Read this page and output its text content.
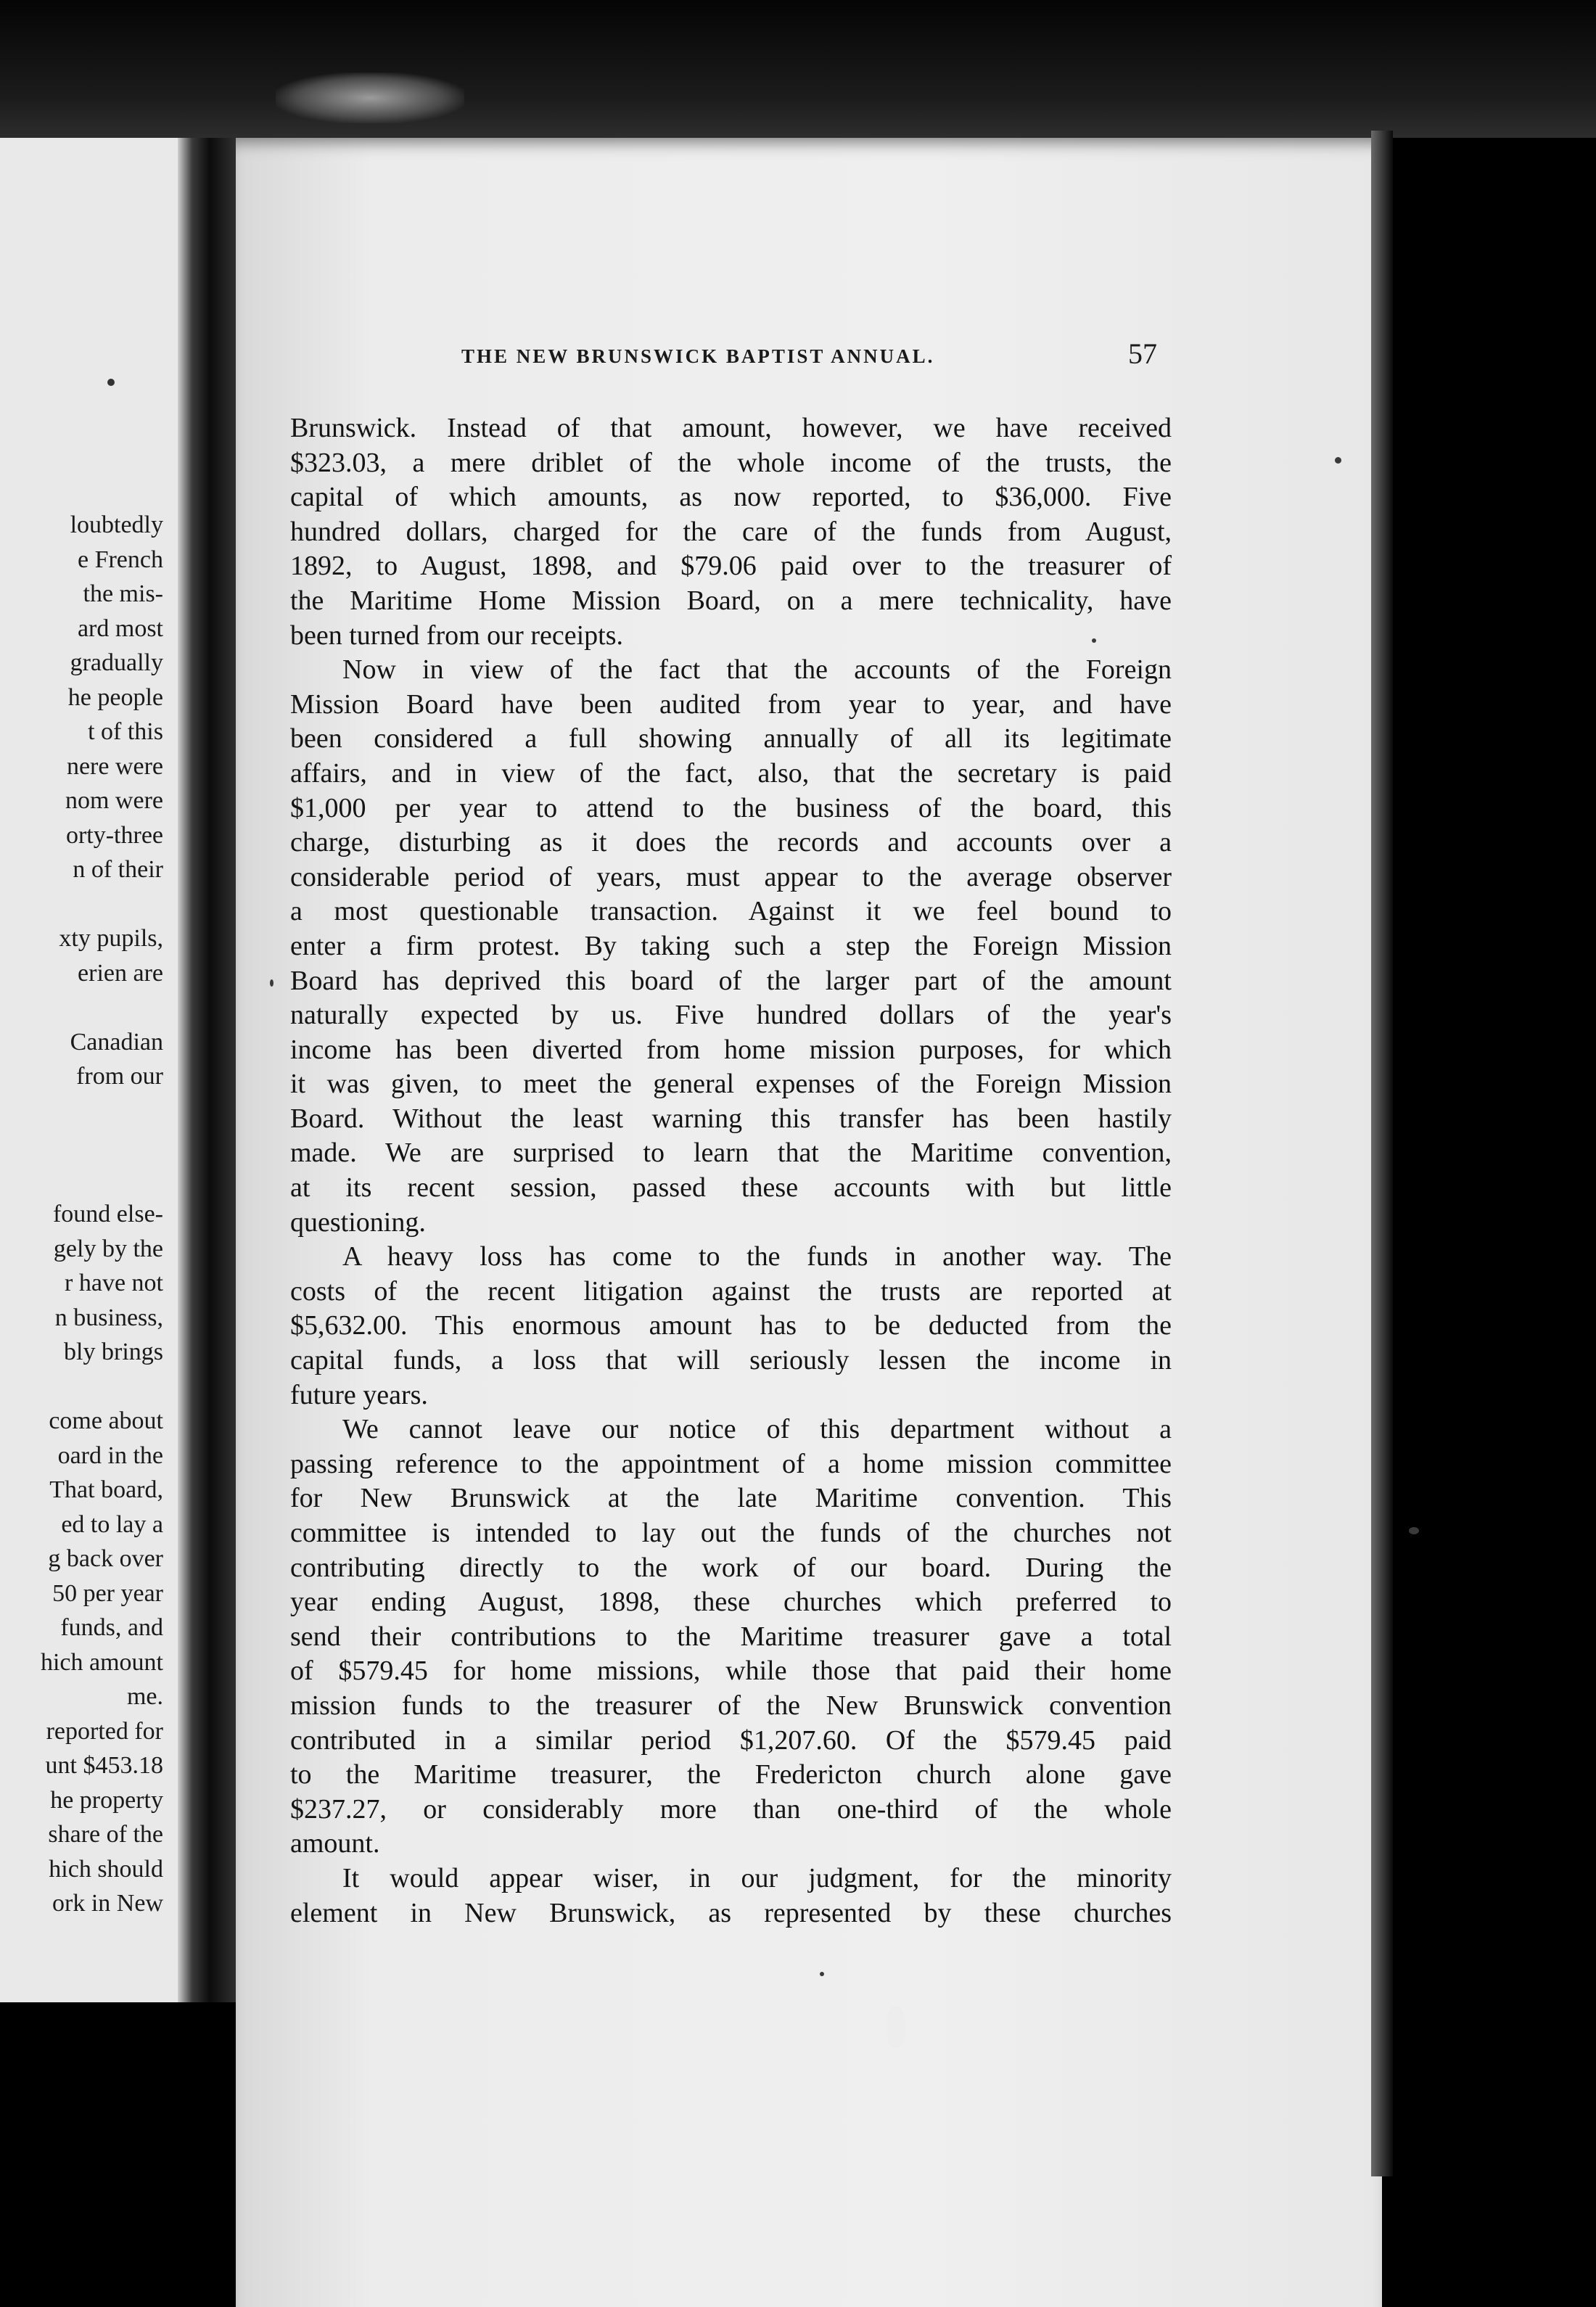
loubtedly
e French
the mis-
ard most
gradually
he people
t of this
nere were
nom were
orty-three
n of their
xty pupils,
erien are
Canadian
from our
found else-
gely by the
r have not
n business,
bly brings
come about
oard in the
That board,
ed to lay a
g back over
50 per year
funds, and
hich amount
me.
reported for
unt $453.18
he property
share of the
hich should
ork in New
THE NEW BRUNSWICK BAPTIST ANNUAL.	57
Brunswick. Instead of that amount, however, we have received
$323.03, a mere driblet of the whole income of the trusts, the
capital of which amounts, as now reported, to $36,000. Five
hundred dollars, charged for the care of the funds from August,
1892, to August, 1898, and $79.06 paid over to the treasurer of
the Maritime Home Mission Board, on a mere technicality, have
been turned from our receipts.
Now in view of the fact that the accounts of the Foreign
Mission Board have been audited from year to year, and have
been considered a full showing annually of all its legitimate
affairs, and in view of the fact, also, that the secretary is paid
$1,000 per year to attend to the business of the board, this
charge, disturbing as it does the records and accounts over a
considerable period of years, must appear to the average observer
a most questionable transaction. Against it we feel bound to
enter a firm protest. By taking such a step the Foreign Mission
Board has deprived this board of the larger part of the amount
naturally expected by us. Five hundred dollars of the year's
income has been diverted from home mission purposes, for which
it was given, to meet the general expenses of the Foreign Mission
Board. Without the least warning this transfer has been hastily
made. We are surprised to learn that the Maritime convention,
at its recent session, passed these accounts with but little
questioning.
A heavy loss has come to the funds in another way. The
costs of the recent litigation against the trusts are reported at
$5,632.00. This enormous amount has to be deducted from the
capital funds, a loss that will seriously lessen the income in
future years.
We cannot leave our notice of this department without a
passing reference to the appointment of a home mission committee
for New Brunswick at the late Maritime convention. This
committee is intended to lay out the funds of the churches not
contributing directly to the work of our board. During the
year ending August, 1898, these churches which preferred to
send their contributions to the Maritime treasurer gave a total
of $579.45 for home missions, while those that paid their home
mission funds to the treasurer of the New Brunswick convention
contributed in a similar period $1,207.60. Of the $579.45 paid
to the Maritime treasurer, the Fredericton church alone gave
$237.27, or considerably more than one-third of the whole
amount.
It would appear wiser, in our judgment, for the minority
element in New Brunswick, as represented by these churches
